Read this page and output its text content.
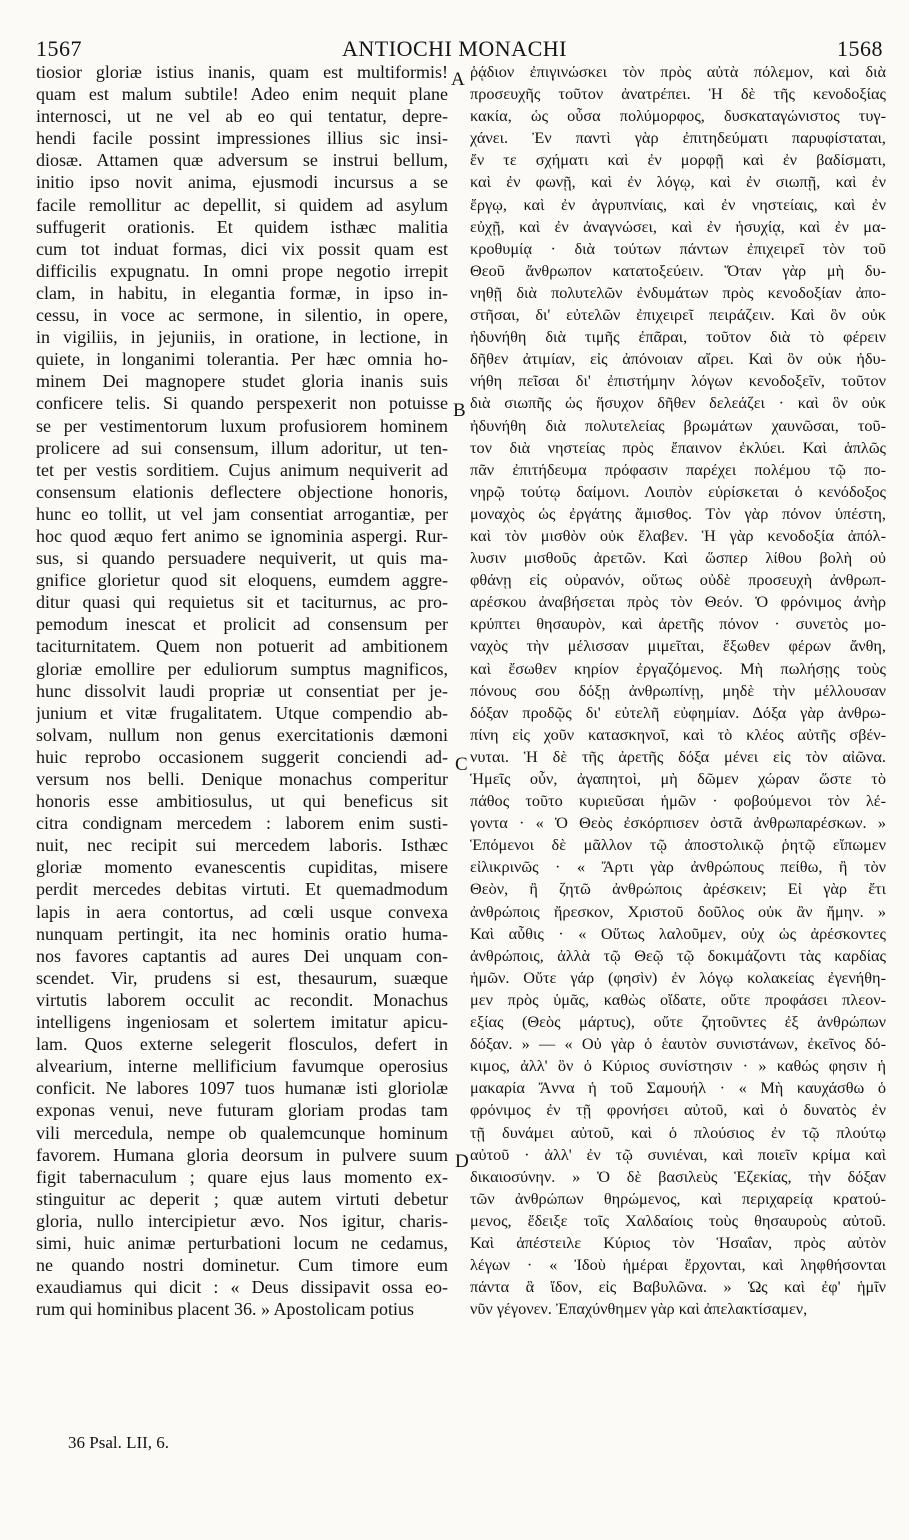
1567	ANTIOCHI MONACHI	1568
tiosior gloriæ istius inanis, quam est multiformis!
quam est malum subtile! Adeo enim nequit plane
internosci, ut ne vel ab eo qui tentatur, depre-
hendi facile possint impressiones illius sic insi-
diosæ. Attamen quæ adversum se instrui bellum,
initio ipso novit anima, ejusmodi incursus a se
facile remollitur ac depellit, si quidem ad asylum
suffugerit orationis. Et quidem isthæc malitia
cum tot induat formas, dici vix possit quam est
difficilis expugnatu. In omni prope negotio irrepit
clam, in habitu, in elegantia formæ, in ipso in-
cessu, in voce ac sermone, in silentio, in opere,
in vigiliis, in jejuniis, in oratione, in lectione, in
quiete, in longanimi tolerantia. Per hæc omnia ho-
minem Dei magnopere studet gloria inanis suis
conficere telis. Si quando perspexerit non potuisse
se per vestimentorum luxum profusiorem hominem
prolicere ad sui consensum, illum adoritur, ut ten-
tet per vestis sorditiem. Cujus animum nequiverit ad
consensum elationis deflectere objectione honoris,
hunc eo tollit, ut vel jam consentiat arrogantiæ, per
hoc quod æquo fert animo se ignominia aspergi. Rur-
sus, si quando persuadere nequiverit, ut quis ma-
gnifice glorietur quod sit eloquens, eumdem aggre-
ditur quasi qui requietus sit et taciturnus, ac pro-
pemodum inescat et prolicit ad consensum per
taciturnitatem. Quem non potuerit ad ambitionem
gloriæ emollire per eduliorum sumptus magnificos,
hunc dissolvit laudi propriæ ut consentiat per je-
junium et vitæ frugalitatem. Utque compendio ab-
solvam, nullum non genus exercitationis dæmoni
huic reprobo occasionem suggerit conciendi ad-
versum nos belli. Denique monachus comperitur
honoris esse ambitiosulus, ut qui beneficus sit
citra condignam mercedem : laborem enim susti-
nuit, nec recipit sui mercedem laboris. Isthæc
gloriæ momento evanescentis cupiditas, misere
perdit mercedes debitas virtuti. Et quemadmodum
lapis in aera contortus, ad cœli usque convexa
nunquam pertingit, ita nec hominis oratio huma-
nos favores captantis ad aures Dei unquam con-
scendet. Vir, prudens si est, thesaurum, suæque
virtutis laborem occulit ac recondit. Monachus
intelligens ingeniosam et solertem imitatur apicu-
lam. Quos externe selegerit flosculos, defert in
alvearium, interne mellificium favumque operosius
conficit. Ne labores 1097 tuos humanæ isti gloriolæ
exponas venui, neve futuram gloriam prodas tam
vili mercedula, nempe ob qualemcunque hominum
favorem. Humana gloria deorsum in pulvere suum
figit tabernaculum ; quare ejus laus momento ex-
stinguitur ac deperit ; quæ autem virtuti debetur
gloria, nullo intercipietur ævo. Nos igitur, charis-
simi, huic animæ perturbationi locum ne cedamus,
ne quando nostri dominetur. Cum timore eum
exaudiamus qui dicit : « Deus dissipavit ossa eo-
rum qui hominibus placent 36. » Apostolicam potius
ῥᾴδιον ἐπιγινώσκει τὸν πρὸς αὐτὰ πόλεμον, καὶ διὰ
προσευχῆς τοῦτον ἀνατρέπει. Ἡ δὲ τῆς κενοδοξίας
κακία, ὡς οὖσα πολύμορφος, δυσκαταγώνιστος τυγ-
χάνει. Ἐν παντὶ γὰρ ἐπιτηδεύματι παρυφίσταται,
ἔν τε σχήματι καὶ ἐν μορφῇ καὶ ἐν βαδίσματι,
καὶ ἐν φωνῇ, καὶ ἐν λόγῳ, καὶ ἐν σιωπῇ, καὶ ἐν
ἔργῳ, καὶ ἐν ἀγρυπνίαις, καὶ ἐν νηστείαις, καὶ ἐν
εὐχῇ, καὶ ἐν ἀναγνώσει, καὶ ἐν ἡσυχίᾳ, καὶ ἐν μα-
κροθυμίᾳ · διὰ τούτων πάντων ἐπιχειρεῖ τὸν τοῦ
Θεοῦ ἄνθρωπον κατατοξεύειν. Ὅταν γὰρ μὴ δυ-
νηθῇ διὰ πολυτελῶν ἐνδυμάτων πρὸς κενοδοξίαν ἀπο-
στῆσαι, δι' εὐτελῶν ἐπιχειρεῖ πειράζειν. Καὶ ὃν οὐκ
ἠδυνήθη διὰ τιμῆς ἐπᾶραι, τοῦτον διὰ τὸ φέρειν
δῆθεν ἀτιμίαν, εἰς ἀπόνοιαν αἴρει. Καὶ ὃν οὐκ ἠδυ-
νήθη πεῖσαι δι' ἐπιστήμην λόγων κενοδοξεῖν, τοῦτον
διὰ σιωπῆς ὡς ἥσυχον δῆθεν δελεάζει · καὶ ὃν οὐκ
ἠδυνήθη διὰ πολυτελείας βρωμάτων χαυνῶσαι, τοῦ-
τον διὰ νηστείας πρὸς ἔπαινον ἐκλύει. Καὶ ἁπλῶς
πᾶν ἐπιτήδευμα πρόφασιν παρέχει πολέμου τῷ πο-
νηρῷ τούτῳ δαίμονι. Λοιπὸν εὑρίσκεται ὁ κενόδοξος
μοναχὸς ὡς ἐργάτης ἄμισθος. Τὸν γὰρ πόνον ὑπέστη,
καὶ τὸν μισθὸν οὐκ ἔλαβεν. Ἡ γὰρ κενοδοξία ἀπόλ-
λυσιν μισθοῦς ἀρετῶν. Καὶ ὥσπερ λίθου βολὴ οὐ
φθάνῃ εἰς οὐρανόν, οὕτως οὐδὲ προσευχὴ ἀνθρωπ-
αρέσκου ἀναβήσεται πρὸς τὸν Θεόν. Ὁ φρόνιμος ἀνὴρ
κρύπτει θησαυρὸν, καὶ ἀρετῆς πόνον · συνετὸς μο-
ναχὸς τὴν μέλισσαν μιμεῖται, ἔξωθεν φέρων ἄνθη,
καὶ ἔσωθεν κηρίον ἐργαζόμενος. Μὴ πωλήσῃς τοὺς
πόνους σου δόξῃ ἀνθρωπίνῃ, μηδὲ τὴν μέλλουσαν
δόξαν προδῷς δι' εὐτελῆ εὐφημίαν. Δόξα γὰρ ἀνθρω-
πίνη εἰς χοῦν κατασκηνοῖ, καὶ τὸ κλέος αὐτῆς σβέν-
νυται. Ἡ δὲ τῆς ἀρετῆς δόξα μένει εἰς τὸν αἰῶνα.
Ἡμεῖς οὖν, ἀγαπητοὶ, μὴ δῶμεν χώραν ὥστε τὸ
πάθος τοῦτο κυριεῦσαι ἡμῶν · φοβούμενοι τὸν λέ-
γοντα · « Ὁ Θεὸς ἐσκόρπισεν ὀστᾶ ἀνθρωπαρέσκων. »
Ἑπόμενοι δὲ μᾶλλον τῷ ἀποστολικῷ ῥητῷ εἴπωμεν
εἰλικρινῶς · « Ἄρτι γὰρ ἀνθρώπους πείθω, ἢ τὸν
Θεὸν, ἢ ζητῶ ἀνθρώποις ἀρέσκειν; Εἰ γὰρ ἔτι
ἀνθρώποις ἤρεσκον, Χριστοῦ δοῦλος οὐκ ἂν ἤμην. »
Καὶ αὖθις · « Οὕτως λαλοῦμεν, οὐχ ὡς ἀρέσκοντες
ἀνθρώποις, ἀλλὰ τῷ Θεῷ τῷ δοκιμάζοντι τὰς καρδίας
ἡμῶν. Οὔτε γάρ (φησὶν) ἐν λόγῳ κολακείας ἐγενήθη-
μεν πρὸς ὑμᾶς, καθὼς οἴδατε, οὔτε προφάσει πλεον-
εξίας (Θεὸς μάρτυς), οὔτε ζητοῦντες ἐξ ἀνθρώπων
δόξαν. » — « Οὐ γὰρ ὁ ἑαυτὸν συνιστάνων, ἐκεῖνος δό-
κιμος, ἀλλ' ὃν ὁ Κύριος συνίστησιν · » καθώς φησιν ἡ
μακαρία Ἄννα ἡ τοῦ Σαμουήλ · « Μὴ καυχάσθω ὁ
φρόνιμος ἐν τῇ φρονήσει αὐτοῦ, καὶ ὁ δυνατὸς ἐν
τῇ δυνάμει αὐτοῦ, καὶ ὁ πλούσιος ἐν τῷ πλούτῳ
αὐτοῦ · ἀλλ' ἐν τῷ συνιέναι, καὶ ποιεῖν κρίμα καὶ
δικαιοσύνην. » Ὁ δὲ βασιλεὺς Ἑζεκίας, τὴν δόξαν
τῶν ἀνθρώπων θηρώμενος, καὶ περιχαρείᾳ κρατού-
μενος, ἔδειξε τοῖς Χαλδαίοις τοὺς θησαυροὺς αὐτοῦ.
Καὶ ἀπέστειλε Κύριος τὸν Ἡσαΐαν, πρὸς αὐτὸν
λέγων · « Ἰδοὺ ἡμέραι ἔρχονται, καὶ ληφθήσονται
πάντα ἃ ἴδον, εἰς Βαβυλῶνα. » Ὡς καὶ ἐφ' ἡμῖν
νῦν γέγονεν. Ἐπαχύνθημεν γὰρ καὶ ἀπελακτίσαμεν,
A
B
C
D
36 Psal. LII, 6.
